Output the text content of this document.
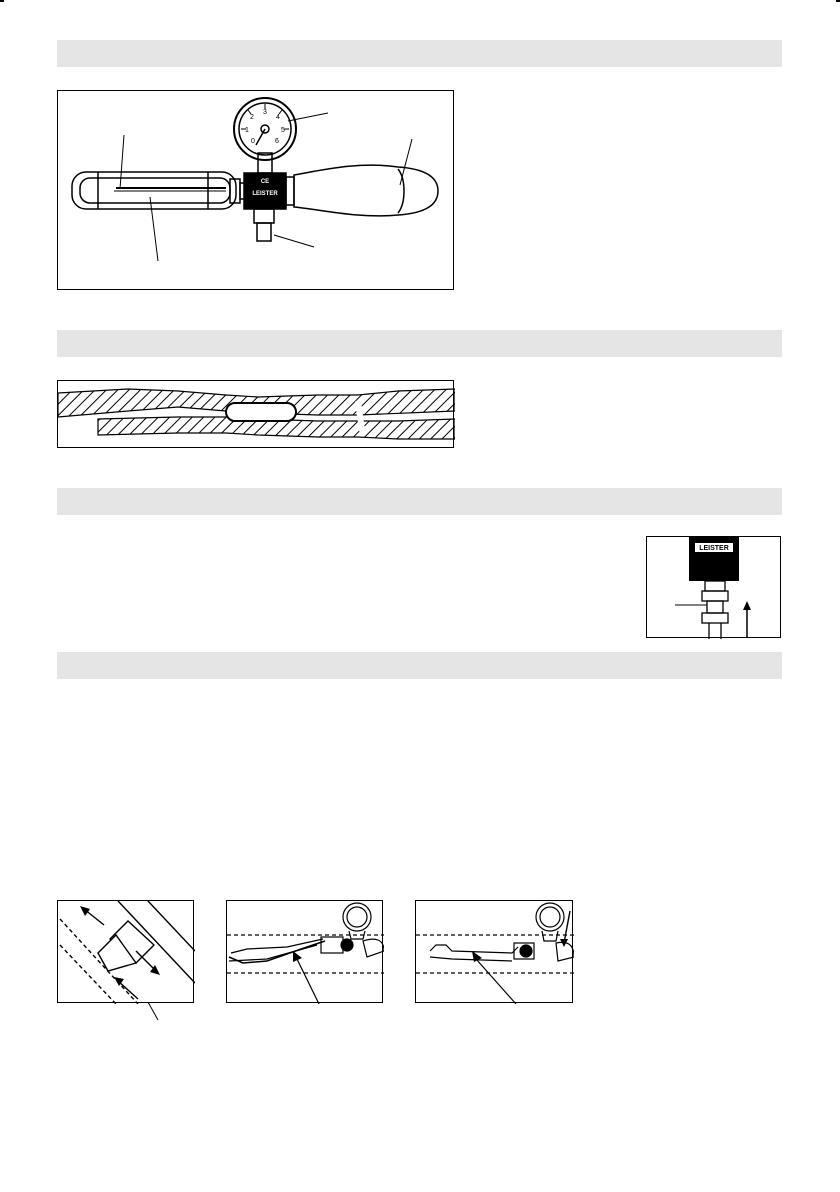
0
1
2
3
4
5
6
CE
LEISTER
LEISTER
